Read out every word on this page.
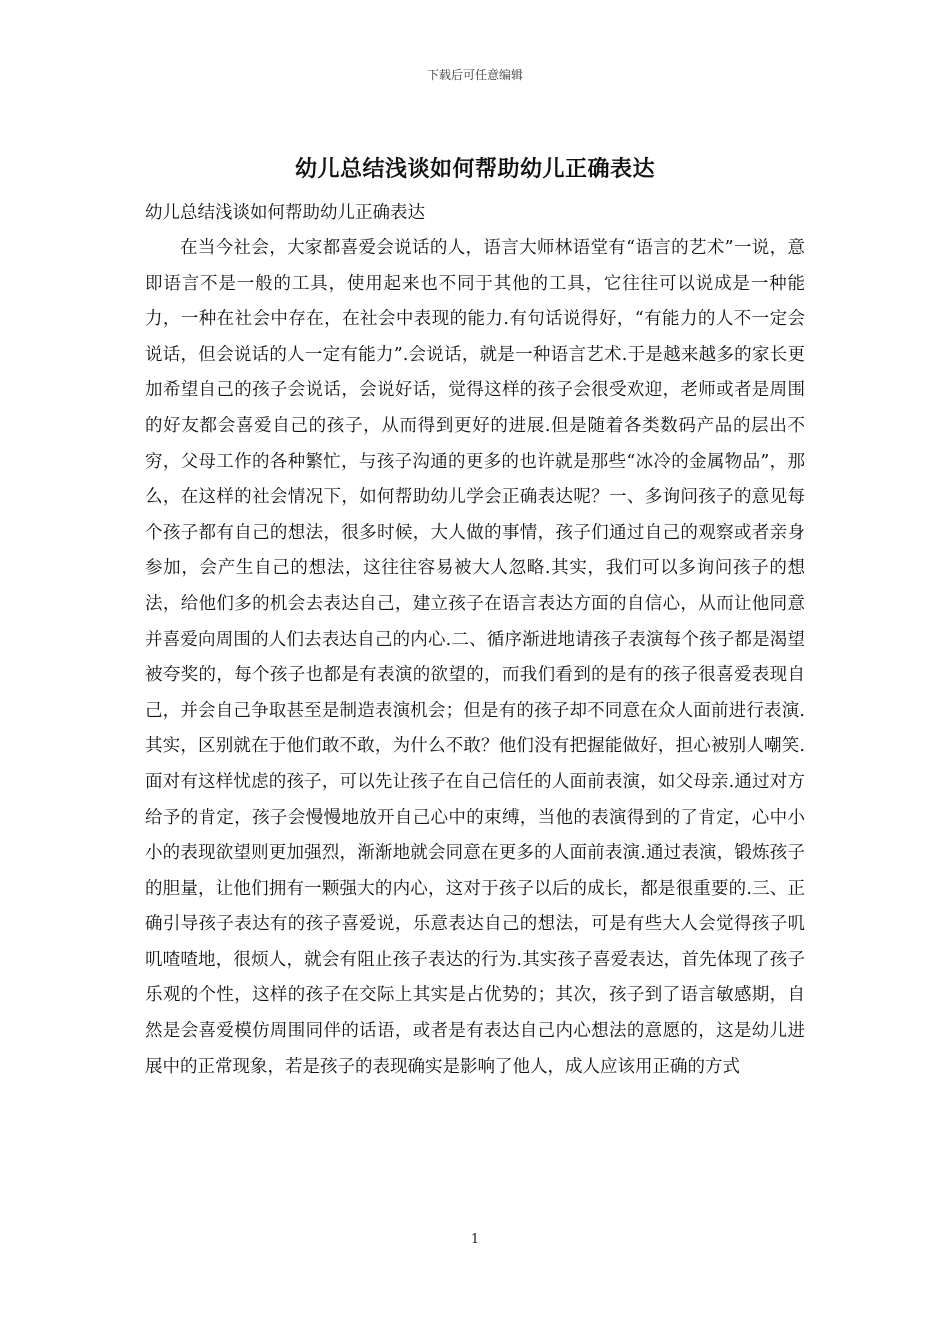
下载后可任意编辑
幼儿总结浅谈如何帮助幼儿正确表达
幼儿总结浅谈如何帮助幼儿正确表达

在当今社会，大家都喜爱会说话的人，语言大师林语堂有“语言的艺术”一说，意即语言不是一般的工具，使用起来也不同于其他的工具，它往往可以说成是一种能力，一种在社会中存在，在社会中表现的能力.有句话说得好，“有能力的人不一定会说话，但会说话的人一定有能力”.会说话，就是一种语言艺术.于是越来越多的家长更加希望自己的孩子会说话，会说好话，觉得这样的孩子会很受欢迎，老师或者是周围的好友都会喜爱自己的孩子，从而得到更好的进展.但是随着各类数码产品的层出不穷，父母工作的各种繁忙，与孩子沟通的更多的也许就是那些“冰冷的金属物品”，那么，在这样的社会情况下，如何帮助幼儿学会正确表达呢？一、多询问孩子的意见每个孩子都有自己的想法，很多时候，大人做的事情，孩子们通过自己的观察或者亲身参加，会产生自己的想法，这往往容易被大人忽略.其实，我们可以多询问孩子的想法，给他们多的机会去表达自己，建立孩子在语言表达方面的自信心，从而让他同意并喜爱向周围的人们去表达自己的内心.二、循序渐进地请孩子表演每个孩子都是渴望被夸奖的，每个孩子也都是有表演的欲望的，而我们看到的是有的孩子很喜爱表现自己，并会自己争取甚至是制造表演机会；但是有的孩子却不同意在众人面前进行表演.其实，区别就在于他们敢不敢，为什么不敢？他们没有把握能做好，担心被别人嘲笑.面对有这样忧虑的孩子，可以先让孩子在自己信任的人面前表演，如父母亲.通过对方给予的肯定，孩子会慢慢地放开自己心中的束缚，当他的表演得到的了肯定，心中小小的表现欲望则更加强烈，渐渐地就会同意在更多的人面前表演.通过表演，锻炼孩子的胆量，让他们拥有一颗强大的内心，这对于孩子以后的成长，都是很重要的.三、正确引导孩子表达有的孩子喜爱说，乐意表达自己的想法，可是有些大人会觉得孩子叽叽喳喳地，很烦人，就会有阻止孩子表达的行为.其实孩子喜爱表达，首先体现了孩子乐观的个性，这样的孩子在交际上其实是占优势的；其次，孩子到了语言敏感期，自然是会喜爱模仿周围同伴的话语，或者是有表达自己内心想法的意愿的，这是幼儿进展中的正常现象，若是孩子的表现确实是影响了他人，成人应该用正确的方式

1
